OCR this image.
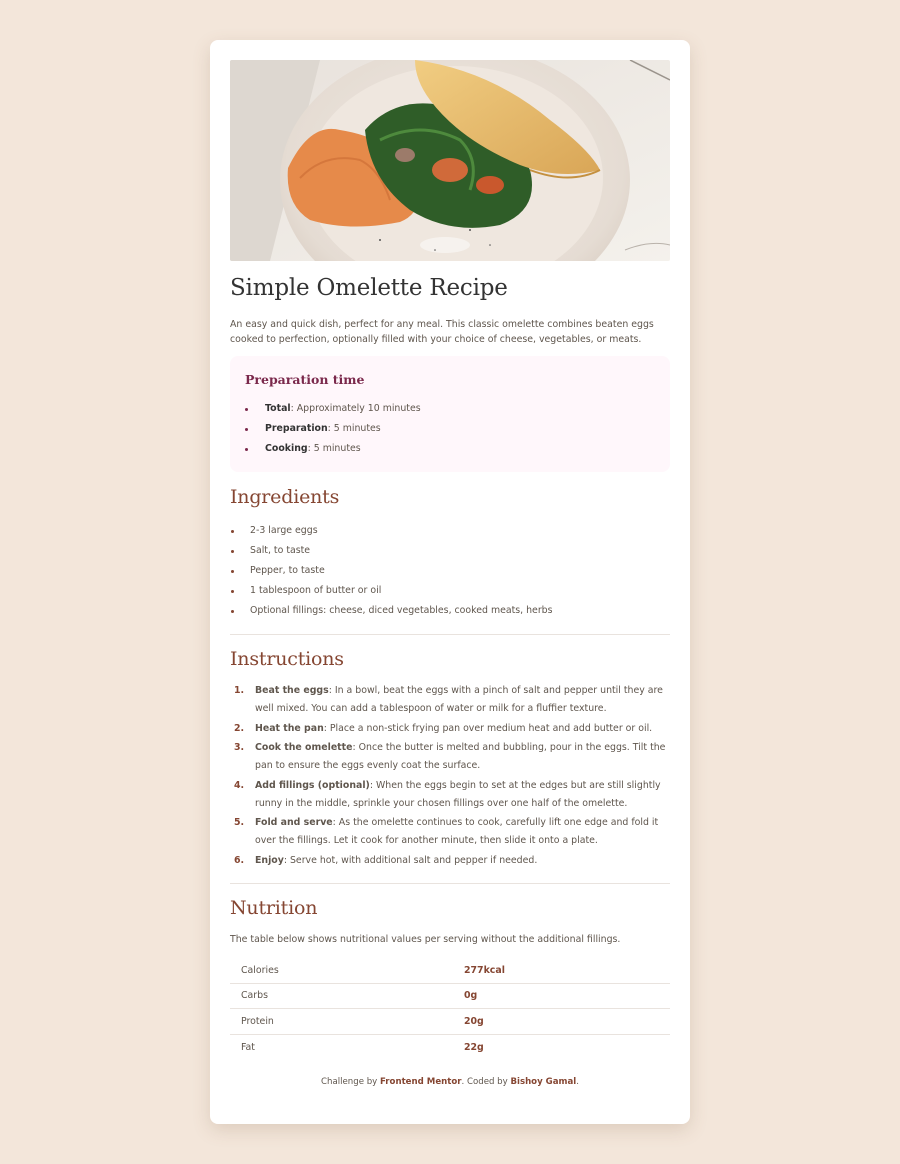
Simple Omelette Recipe

An easy and quick dish, perfect for any meal. This classic omelette combines beaten eggs cooked to perfection, optionally filled with your choice of cheese, vegetables, or meats.

Preparation time
Total: Approximately 10 minutes
Preparation: 5 minutes
Cooking: 5 minutes
Ingredients
2-3 large eggs
Salt, to taste
Pepper, to taste
1 tablespoon of butter or oil
Optional fillings: cheese, diced vegetables, cooked meats, herbs
Instructions
1. Beat the eggs: In a bowl, beat the eggs with a pinch of salt and pepper until they are well mixed. You can add a tablespoon of water or milk for a fluffier texture.
2. Heat the pan: Place a non-stick frying pan over medium heat and add butter or oil.
3. Cook the omelette: Once the butter is melted and bubbling, pour in the eggs. Tilt the pan to ensure the eggs evenly coat the surface.
4. Add fillings (optional): When the eggs begin to set at the edges but are still slightly runny in the middle, sprinkle your chosen fillings over one half of the omelette.
5. Fold and serve: As the omelette continues to cook, carefully lift one edge and fold it over the fillings. Let it cook for another minute, then slide it onto a plate.
6. Enjoy: Serve hot, with additional salt and pepper if needed.
Nutrition

The table below shows nutritional values per serving without the additional fillings.

Calories	277kcal
Carbs	0g
Protein	20g
Fat	22g

Challenge by Frontend Mentor. Coded by Bishoy Gamal.
